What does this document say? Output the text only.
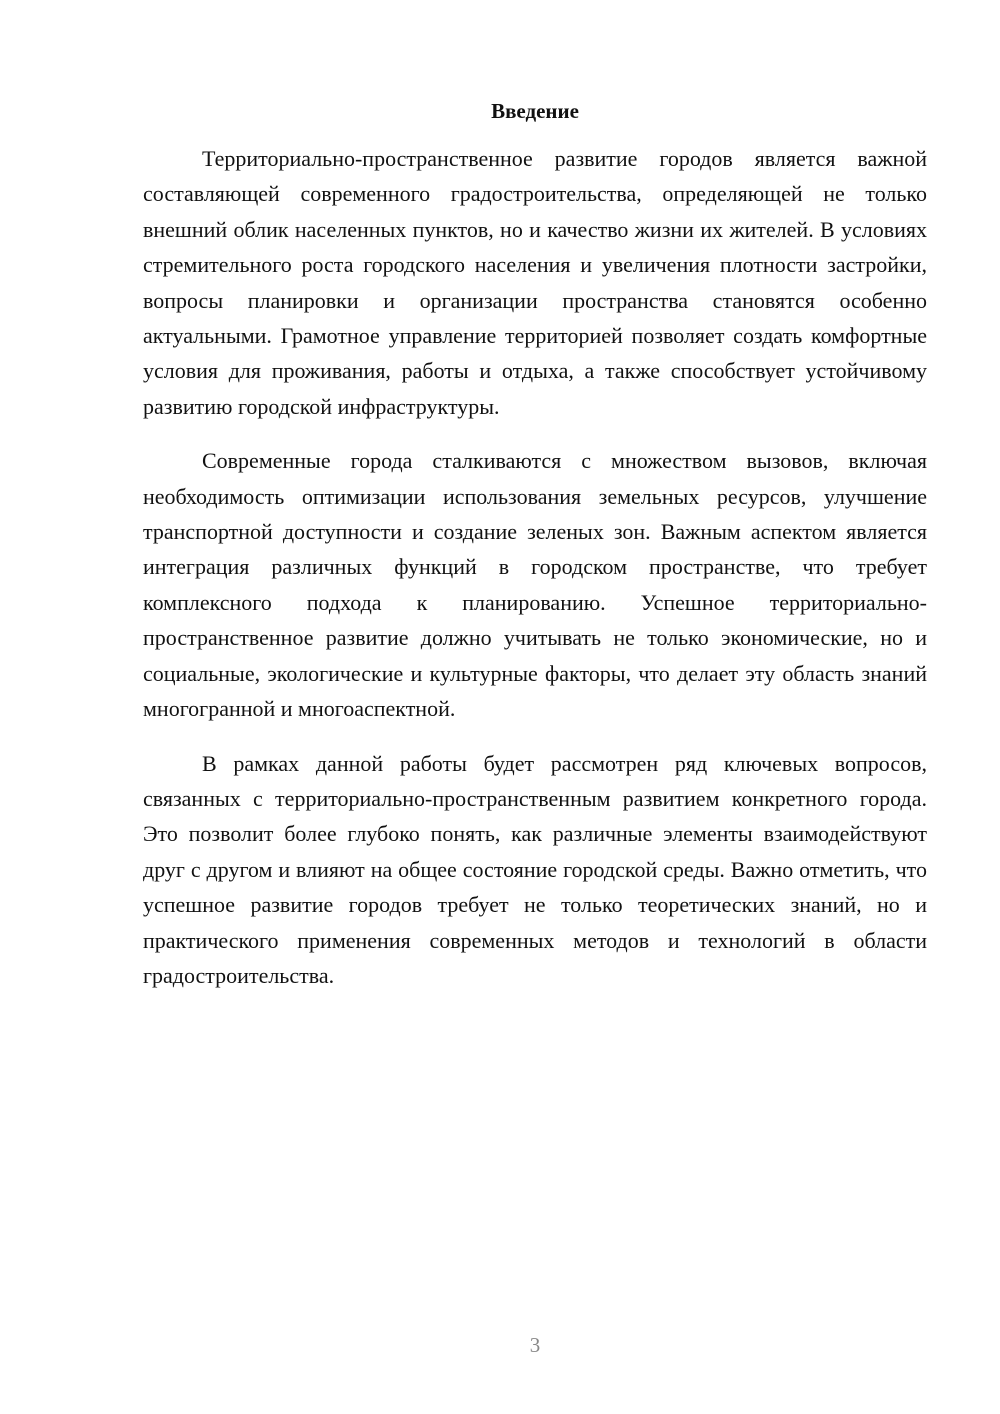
Введение

Территориально-пространственное развитие городов является важной составляющей современного градостроительства, определяющей не только внешний облик населенных пунктов, но и качество жизни их жителей. В условиях стремительного роста городского населения и увеличения плотности застройки, вопросы планировки и организации пространства становятся особенно актуальными. Грамотное управление территорией позволяет создать комфортные условия для проживания, работы и отдыха, а также способствует устойчивому развитию городской инфраструктуры.

Современные города сталкиваются с множеством вызовов, включая необходимость оптимизации использования земельных ресурсов, улучшение транспортной доступности и создание зеленых зон. Важным аспектом является интеграция различных функций в городском пространстве, что требует комплексного подхода к планированию. Успешное территориально-пространственное развитие должно учитывать не только экономические, но и социальные, экологические и культурные факторы, что делает эту область знаний многогранной и многоаспектной.

В рамках данной работы будет рассмотрен ряд ключевых вопросов, связанных с территориально-пространственным развитием конкретного города. Это позволит более глубоко понять, как различные элементы взаимодействуют друг с другом и влияют на общее состояние городской среды. Важно отметить, что успешное развитие городов требует не только теоретических знаний, но и практического применения современных методов и технологий в области градостроительства.

3
